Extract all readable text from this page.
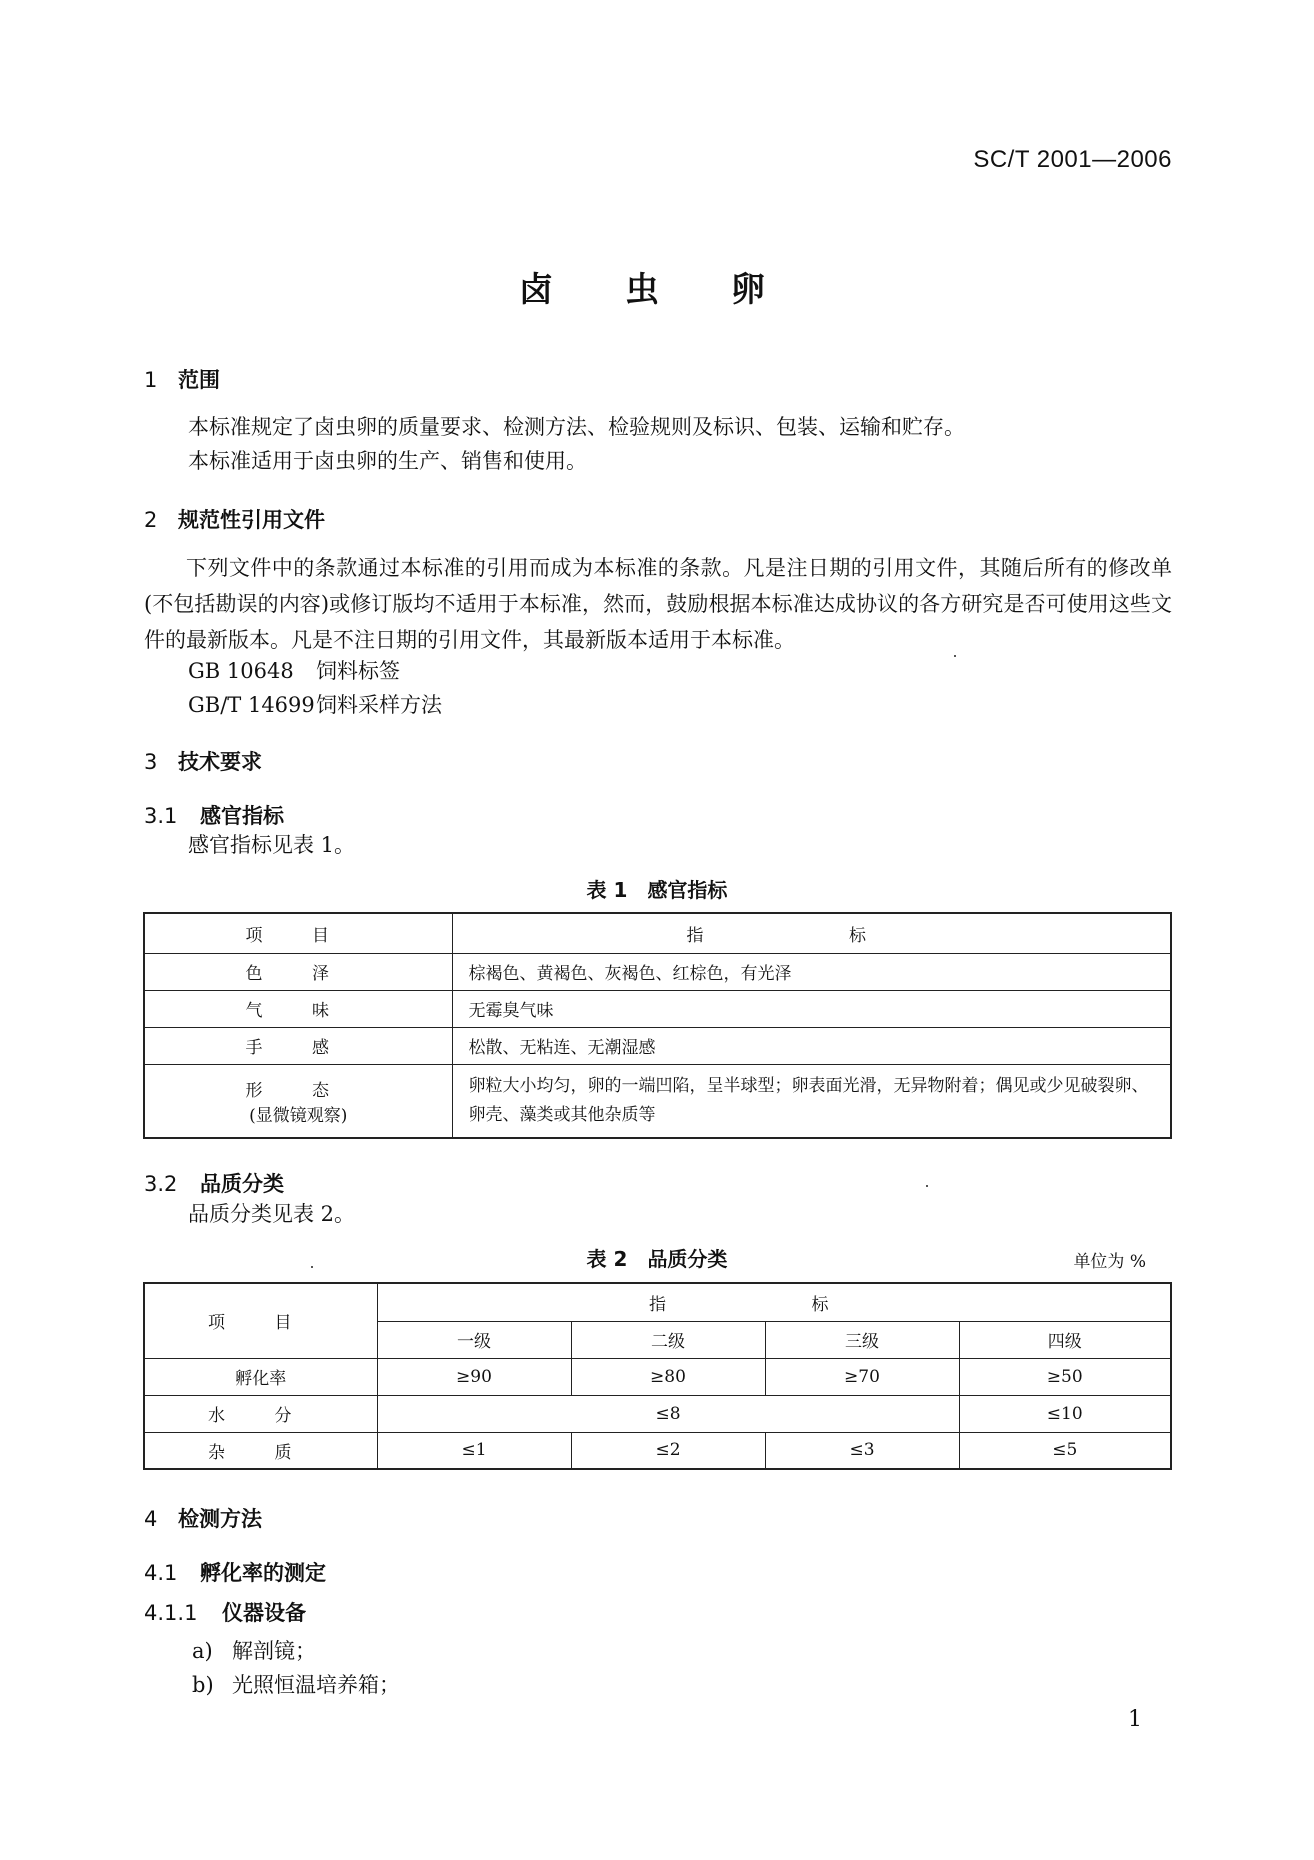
SC/T 2001—2006
卤 虫 卵
1 范围
本标准规定了卤虫卵的质量要求、检测方法、检验规则及标识、包装、运输和贮存。
本标准适用于卤虫卵的生产、销售和使用。
2 规范性引用文件
下列文件中的条款通过本标准的引用而成为本标准的条款。凡是注日期的引用文件，其随后所有的修改单(不包括勘误的内容)或修订版均不适用于本标准，然而，鼓励根据本标准达成协议的各方研究是否可使用这些文件的最新版本。凡是不注日期的引用文件，其最新版本适用于本标准。
GB 10648 饲料标签
GB/T 14699饲料采样方法
3 技术要求
3.1 感官指标
感官指标见表 1。
表 1 感官指标
项 目	指 标
色 泽	棕褐色、黄褐色、灰褐色、红棕色，有光泽
气 味	无霉臭气味
手 感	松散、无粘连、无潮湿感

形 态
(显微镜观察)	卵粒大小均匀，卵的一端凹陷，呈半球型；卵表面光滑，无异物附着；偶见或少见破裂卵、卵壳、藻类或其他杂质等
3.2 品质分类
品质分类见表 2。
表 2 品质分类	单位为 %
项 目	指 标			
	一级	二级	三级	四级
孵化率	≥90	≥80	≥70	≥50
水 分	≤8			≤10
杂 质	≤1	≤2	≤3	≤5
4 检测方法
4.1 孵化率的测定
4.1.1 仪器设备
a) 解剖镜；
b) 光照恒温培养箱；
1
